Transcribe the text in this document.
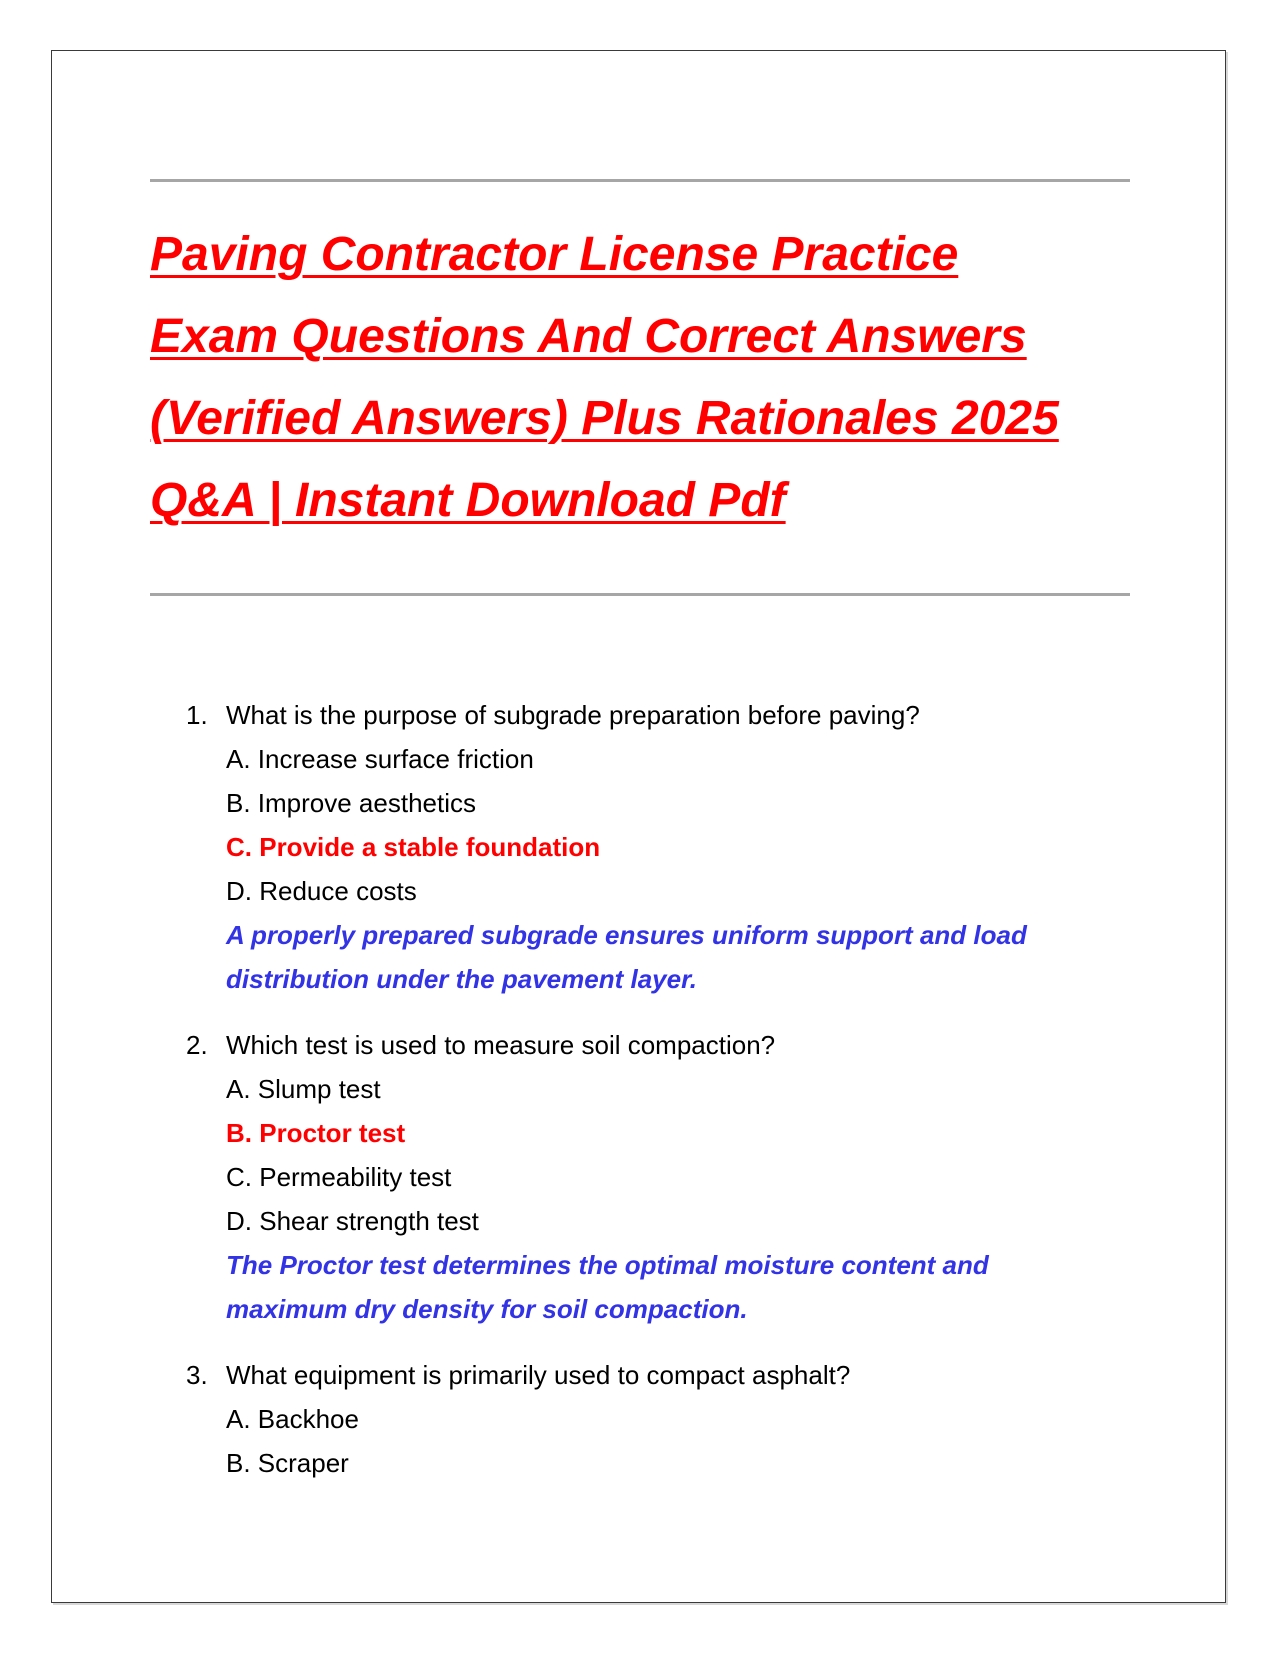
Paving Contractor License Practice
Exam Questions And Correct Answers
(Verified Answers) Plus Rationales 2025
Q&A | Instant Download Pdf
1. What is the purpose of subgrade preparation before paving?
A. Increase surface friction
B. Improve aesthetics
C. Provide a stable foundation
D. Reduce costs
A properly prepared subgrade ensures uniform support and load
distribution under the pavement layer.
2. Which test is used to measure soil compaction?
A. Slump test
B. Proctor test
C. Permeability test
D. Shear strength test
The Proctor test determines the optimal moisture content and
maximum dry density for soil compaction.
3. What equipment is primarily used to compact asphalt?
A. Backhoe
B. Scraper
